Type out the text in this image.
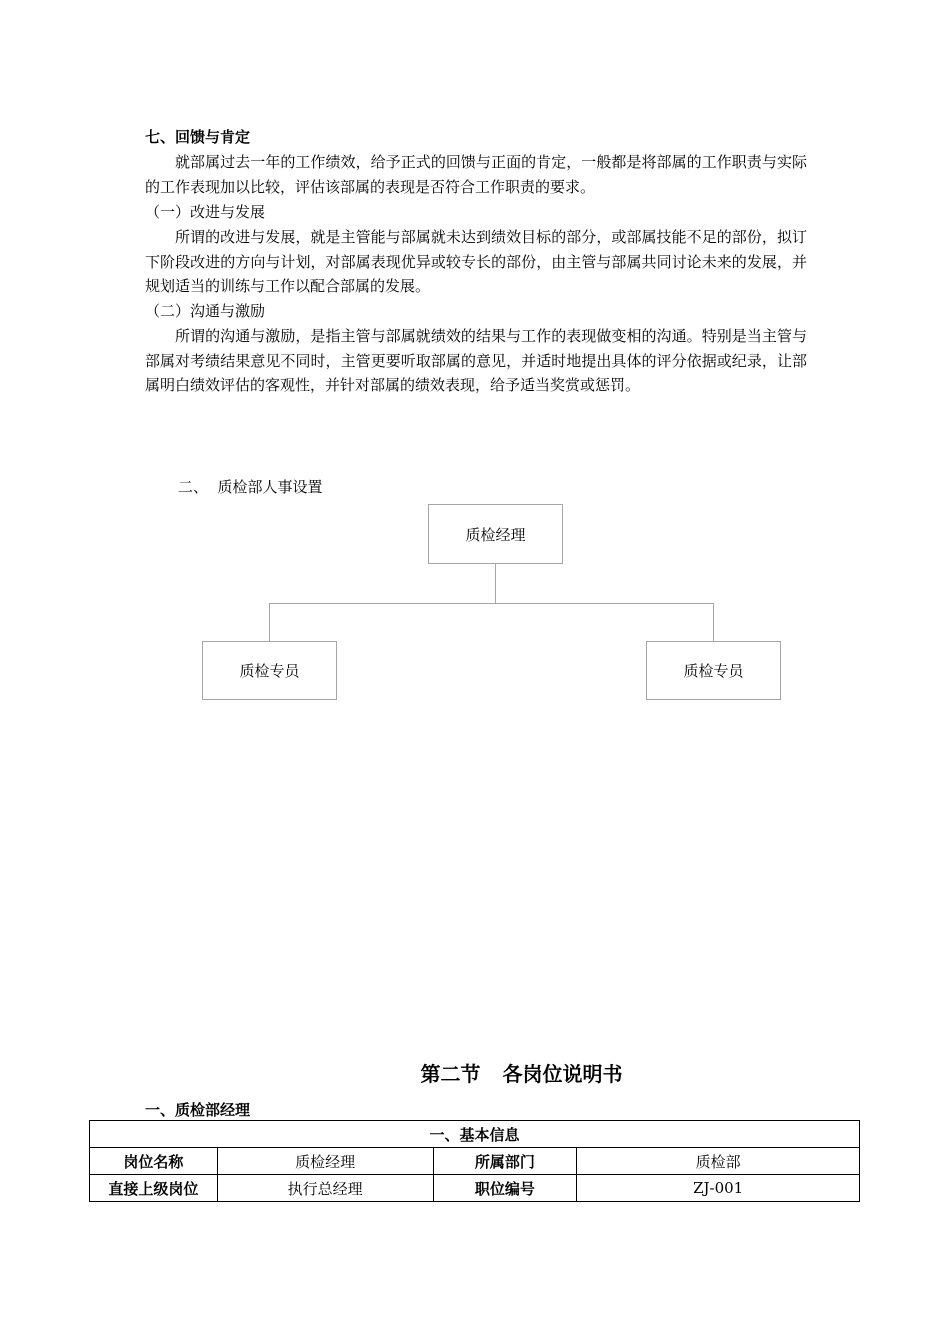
七、回馈与肯定
就部属过去一年的工作绩效，给予正式的回馈与正面的肯定，一般都是将部属的工作职责与实际的工作表现加以比较，评估该部属的表现是否符合工作职责的要求。
（一）改进与发展
所谓的改进与发展，就是主管能与部属就未达到绩效目标的部分，或部属技能不足的部份，拟订下阶段改进的方向与计划，对部属表现优异或较专长的部份，由主管与部属共同讨论未来的发展，并规划适当的训练与工作以配合部属的发展。
（二）沟通与激励
所谓的沟通与激励，是指主管与部属就绩效的结果与工作的表现做变相的沟通。特别是当主管与部属对考绩结果意见不同时，主管更要听取部属的意见，并适时地提出具体的评分依据或纪录，让部属明白绩效评估的客观性，并针对部属的绩效表现，给予适当奖赏或惩罚。
二、  质检部人事设置
质检经理
质检专员	质检专员
第二节 各岗位说明书
一、质检部经理
一、基本信息			
岗位名称	质检经理	所属部门	质检部
直接上级岗位	执行总经理	职位编号	ZJ-001
